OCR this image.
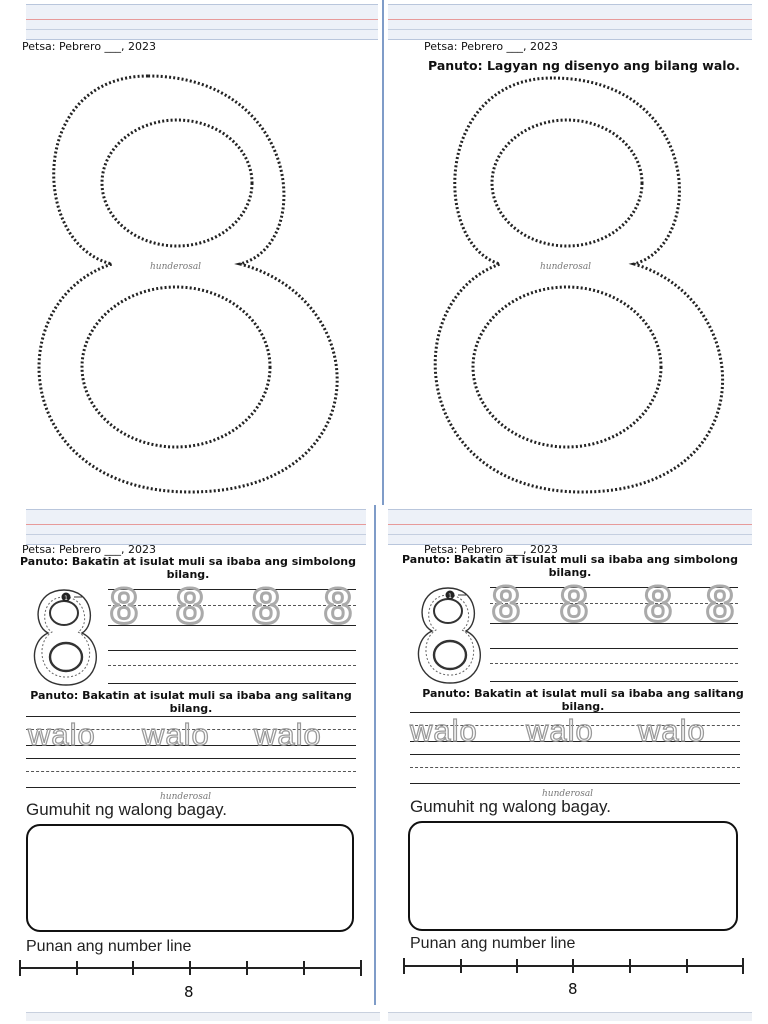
Petsa: Pebrero ___, 2023
hunderosal
Petsa: Pebrero ___, 2023
Panuto: Lagyan ng disenyo ang bilang walo.
hunderosal
Petsa: Pebrero ___, 2023
Panuto: Bakatin at isulat muli sa ibaba ang simbolong bilang.
1 8 8 8 8
Panuto: Bakatin at isulat muli sa ibaba ang salitang bilang.
walo walo walo
hunderosal
Gumuhit ng walong bagay.
Punan ang number line
8
Petsa: Pebrero ___, 2023
Panuto: Bakatin at isulat muli sa ibaba ang simbolong bilang.
1 8 8 8 8
Panuto: Bakatin at isulat muli sa ibaba ang salitang bilang.
walo walo walo
hunderosal
Gumuhit ng walong bagay.
Punan ang number line
8
